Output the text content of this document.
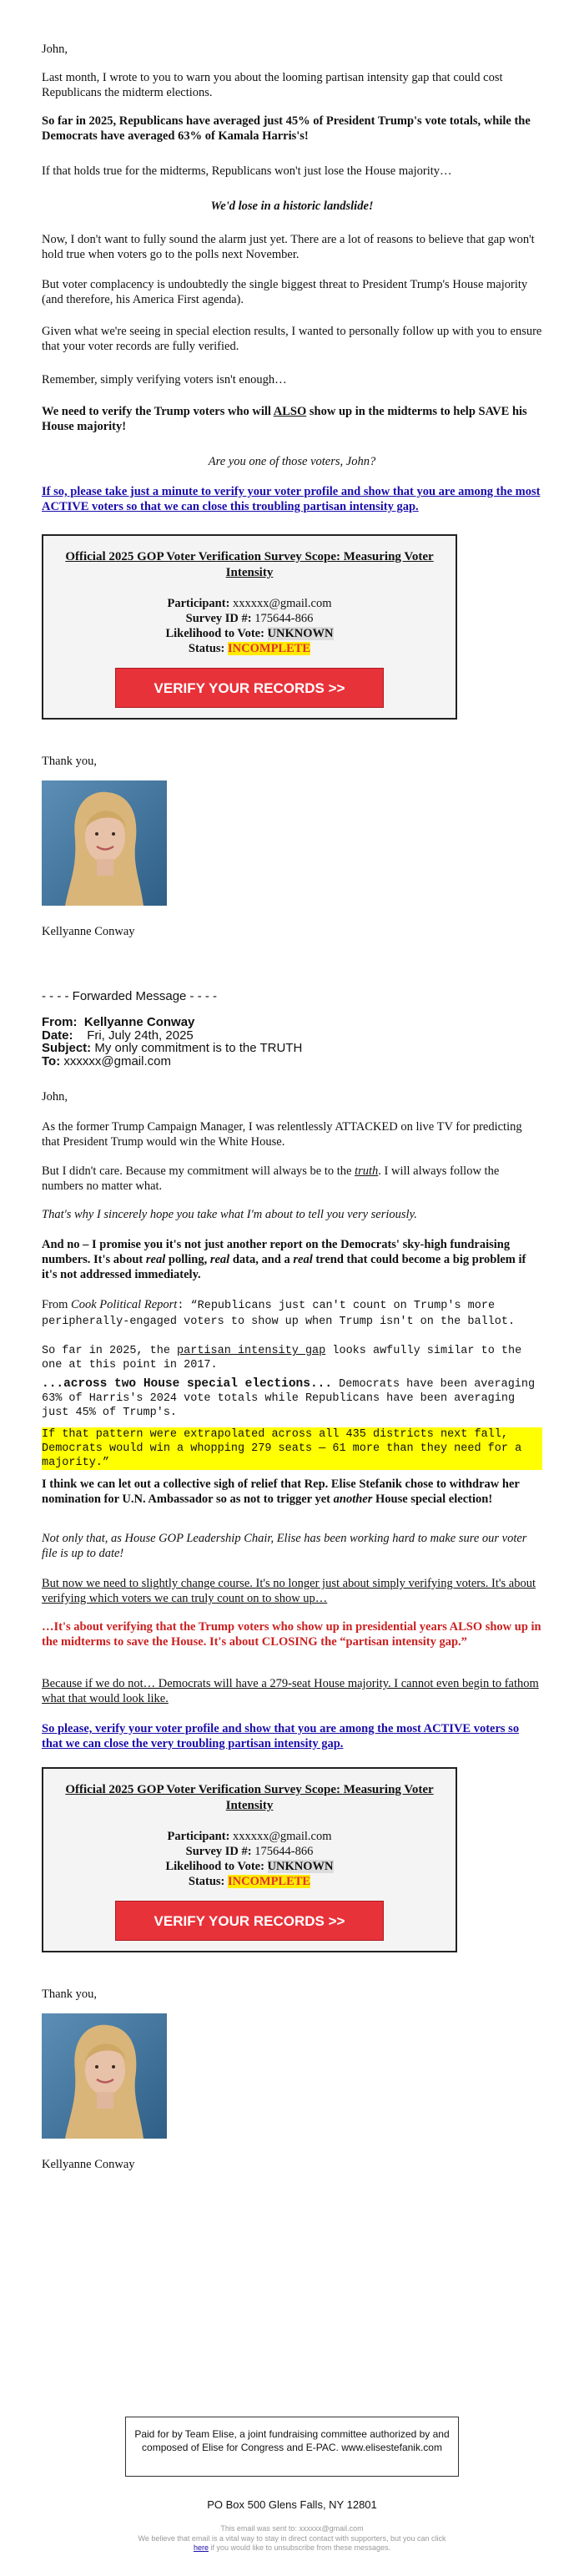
John,

Last month, I wrote to you to warn you about the looming partisan intensity gap that could cost Republicans the midterm elections.

So far in 2025, Republicans have averaged just 45% of President Trump's vote totals, while the Democrats have averaged 63% of Kamala Harris's!

If that holds true for the midterms, Republicans won't just lose the House majority…

We'd lose in a historic landslide!

Now, I don't want to fully sound the alarm just yet. There are a lot of reasons to believe that gap won't hold true when voters go to the polls next November.

But voter complacency is undoubtedly the single biggest threat to President Trump's House majority (and therefore, his America First agenda).

Given what we're seeing in special election results, I wanted to personally follow up with you to ensure that your voter records are fully verified.

Remember, simply verifying voters isn't enough…

We need to verify the Trump voters who will ALSO show up in the midterms to help SAVE his House majority!

Are you one of those voters, John?

If so, please take just a minute to verify your voter profile and show that you are among the most ACTIVE voters so that we can close this troubling partisan intensity gap.

Official 2025 GOP Voter Verification Survey Scope: Measuring Voter Intensity
Participant: xxxxxx@gmail.com
Survey ID #: 175644-866
Likelihood to Vote: UNKNOWN
Status: INCOMPLETE
VERIFY YOUR RECORDS >>

Thank you,

Kellyanne Conway

- - - - Forwarded Message - - - -

From: Kellyanne Conway
Date: Fri, July 24th, 2025
Subject: My only commitment is to the TRUTH
To: xxxxxx@gmail.com

John,

As the former Trump Campaign Manager, I was relentlessly ATTACKED on live TV for predicting that President Trump would win the White House.

But I didn't care. Because my commitment will always be to the truth. I will always follow the numbers no matter what.

That's why I sincerely hope you take what I'm about to tell you very seriously.

And no – I promise you it's not just another report on the Democrats' sky-high fundraising numbers. It's about real polling, real data, and a real trend that could become a big problem if it's not addressed immediately.

From Cook Political Report: “Republicans just can't count on Trump's more peripherally-engaged voters to show up when Trump isn't on the ballot.

So far in 2025, the partisan intensity gap looks awfully similar to the one at this point in 2017.

...across two House special elections... Democrats have been averaging 63% of Harris's 2024 vote totals while Republicans have been averaging just 45% of Trump's.

If that pattern were extrapolated across all 435 districts next fall, Democrats would win a whopping 279 seats — 61 more than they need for a majority.”

I think we can let out a collective sigh of relief that Rep. Elise Stefanik chose to withdraw her nomination for U.N. Ambassador so as not to trigger yet another House special election!

Not only that, as House GOP Leadership Chair, Elise has been working hard to make sure our voter file is up to date!

But now we need to slightly change course. It's no longer just about simply verifying voters. It's about verifying which voters we can truly count on to show up…

…It's about verifying that the Trump voters who show up in presidential years ALSO show up in the midterms to save the House. It's about CLOSING the “partisan intensity gap.”

Because if we do not… Democrats will have a 279-seat House majority. I cannot even begin to fathom what that would look like.

So please, verify your voter profile and show that you are among the most ACTIVE voters so that we can close the very troubling partisan intensity gap.

Official 2025 GOP Voter Verification Survey Scope: Measuring Voter Intensity
Participant: xxxxxx@gmail.com
Survey ID #: 175644-866
Likelihood to Vote: UNKNOWN
Status: INCOMPLETE
VERIFY YOUR RECORDS >>

Thank you,

Kellyanne Conway

Paid for by Team Elise, a joint fundraising committee authorized by and composed of Elise for Congress and E-PAC. www.elisestefanik.com

PO Box 500 Glens Falls, NY 12801

This email was sent to: xxxxxx@gmail.com

We believe that email is a vital way to stay in direct contact with supporters, but you can click here if you would like to unsubscribe from these messages.
